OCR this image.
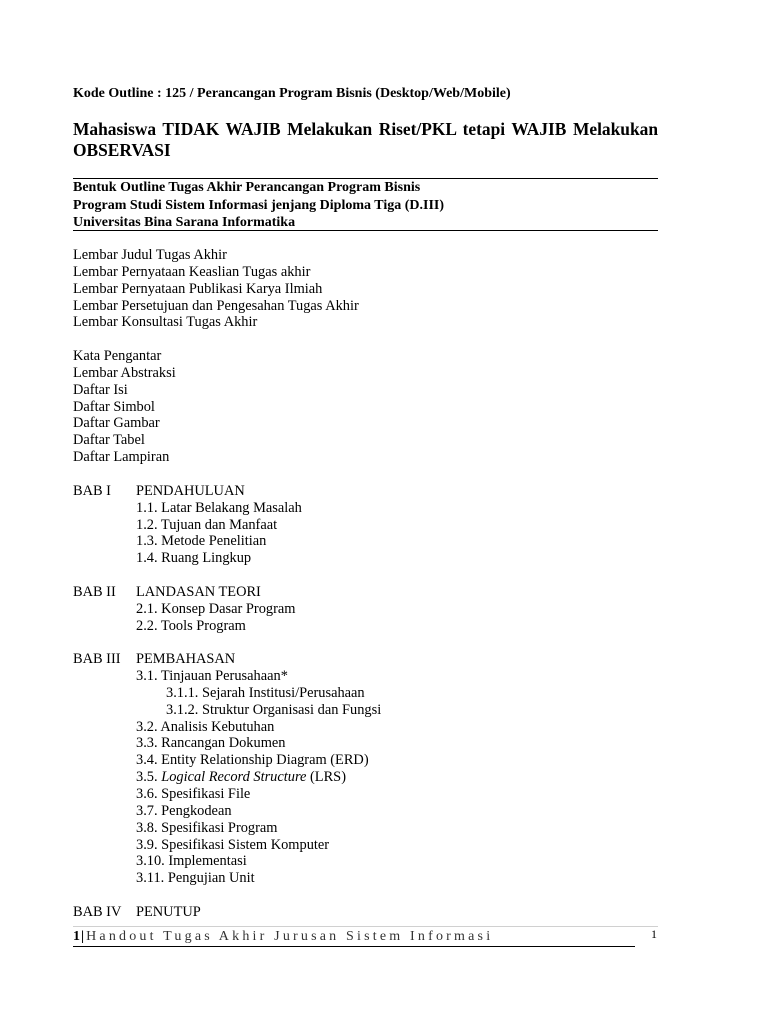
Kode Outline : 125 / Perancangan Program Bisnis (Desktop/Web/Mobile)
Mahasiswa TIDAK WAJIB Melakukan Riset/PKL tetapi WAJIB Melakukan OBSERVASI
Bentuk Outline Tugas Akhir Perancangan Program Bisnis
Program Studi Sistem Informasi jenjang Diploma Tiga (D.III)
Universitas Bina Sarana Informatika
Lembar Judul Tugas Akhir
Lembar Pernyataan Keaslian Tugas akhir
Lembar Pernyataan Publikasi Karya Ilmiah
Lembar Persetujuan dan Pengesahan Tugas Akhir
Lembar Konsultasi Tugas Akhir
Kata Pengantar
Lembar Abstraksi
Daftar Isi
Daftar Simbol
Daftar Gambar
Daftar Tabel
Daftar Lampiran
BAB I	PENDAHULUAN
1.1. Latar Belakang Masalah
1.2. Tujuan dan Manfaat
1.3. Metode Penelitian
1.4. Ruang Lingkup
BAB II	LANDASAN TEORI
2.1. Konsep Dasar Program
2.2. Tools Program
BAB III	PEMBAHASAN
3.1. Tinjauan Perusahaan*
3.1.1. Sejarah Institusi/Perusahaan
3.1.2. Struktur Organisasi dan Fungsi
3.2. Analisis Kebutuhan
3.3. Rancangan Dokumen
3.4. Entity Relationship Diagram (ERD)
3.5. Logical Record Structure (LRS)
3.6. Spesifikasi File
3.7. Pengkodean
3.8. Spesifikasi Program
3.9. Spesifikasi Sistem Komputer
3.10. Implementasi
3.11. Pengujian Unit
BAB IV	PENUTUP
1| Handout Tugas Akhir Jurusan Sistem Informasi	1
